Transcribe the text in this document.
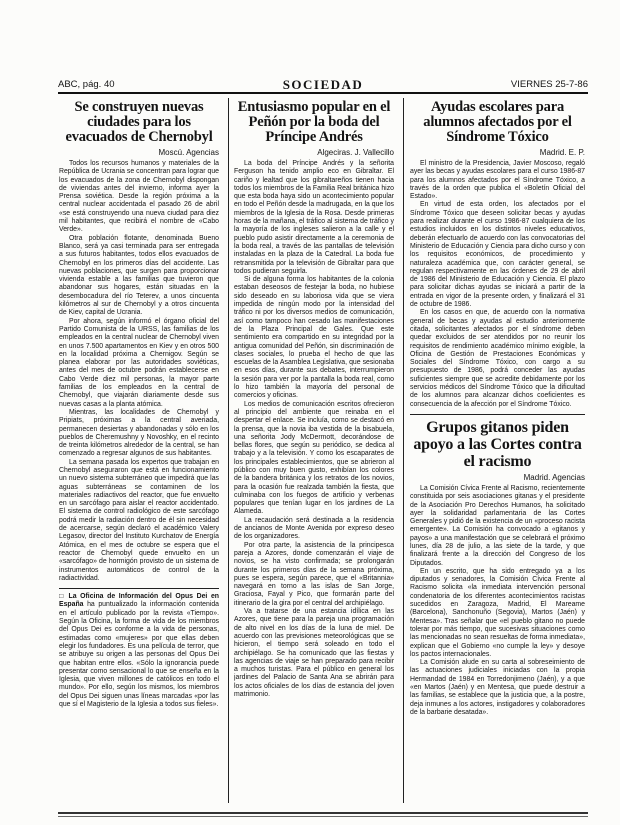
ABC, pág. 40	SOCIEDAD	VIERNES 25-7-86
Se construyen nuevas ciudades para los evacuados de Chernobyl
Moscú. Agencias

Todos los recursos humanos y materiales de la República de Ucrania se concentran para lograr que los evacuados de la zona de Chernobyl dispongan de viviendas antes del invierno, informa ayer la Prensa soviética. Desde la región próxima a la central nuclear accidentada el pasado 26 de abril «se está construyendo una nueva ciudad para diez mil habitantes, que recibirá el nombre de «Cabo Verde».

Otra población flotante, denominada Bueno Blanco, será ya casi terminada para ser entregada a sus futuros habitantes, todos ellos evacuados de Chernobyl en los primeros días del accidente. Las nuevas poblaciones, que surgen para proporcionar vivienda estable a las familias que tuvieron que abandonar sus hogares, están situadas en la desembocadura del río Teterev, a unos cincuenta kilómetros al sur de Chernobyl y a otros cincuenta de Kiev, capital de Ucrania.

Por ahora, según informó el órgano oficial del Partido Comunista de la URSS, las familias de los empleados en la central nuclear de Chernobyl viven en unos 7.500 apartamentos en Kiev y en otros 500 en la localidad próxima a Chernigov. Según se planea elaborar por las autoridades soviéticas, antes del mes de octubre podrán establecerse en Cabo Verde diez mil personas, la mayor parte familias de los empleados en la central de Chernobyl, que viajarán diariamente desde sus nuevas casas a la planta atómica.

Mientras, las localidades de Chernobyl y Pripiats, próximas a la central averiada, permanecen desiertas y abandonadas y sólo en los pueblos de Cheremushny y Novoshky, en el recinto de treinta kilómetros alrededor de la central, se han comenzado a regresar algunos de sus habitantes.

La semana pasada los expertos que trabajan en Chernobyl aseguraron que está en funcionamiento un nuevo sistema subterráneo que impedirá que las aguas subterráneas se contaminen de los materiales radiactivos del reactor, que fue envuelto en un sarcófago para aislar el reactor accidentado. El sistema de control radiológico de este sarcófago podrá medir la radiación dentro de él sin necesidad de acercarse, según declaró el académico Valery Legasov, director del Instituto Kurchatov de Energía Atómica, en el mes de octubre se espera que el reactor de Chernobyl quede envuelto en un «sarcófago» de hormigón provisto de un sistema de instrumentos automáticos de control de la radiactividad.

□ La Oficina de Información del Opus Dei en España ha puntualizado la información contenida en el artículo publicado por la revista «Tiempo». Según la Oficina, la forma de vida de los miembros del Opus Dei es conforme a la vida de personas, estimadas como «mujeres» por que ellas deben elegir los fundadores. Es una película de terror, que se atribuye su origen a las personas del Opus Dei que habitan entre ellos. «Sólo la ignorancia puede presentar como sensacional lo que se enseña en la Iglesia, que viven millones de católicos en todo el mundo». Por ello, según los mismos, los miembros del Opus Dei siguen unas líneas marcadas «por las que sí el Magisterio de la Iglesia a todos sus fieles».

Entusiasmo popular en el Peñón por la boda del Príncipe Andrés
Algeciras. J. Vallecillo

La boda del Príncipe Andrés y la señorita Ferguson ha tenido amplio eco en Gibraltar. El cariño y lealtad que los gibraltareños tienen hacia todos los miembros de la Familia Real británica hizo que esta boda haya sido un acontecimiento popular en todo el Peñón desde la madrugada, en la que los miembros de la Iglesia de la Rosa. Desde primeras horas de la mañana, el tráfico al sistema de tráfico y la mayoría de los ingleses salieron a la calle y el pueblo pudo asistir directamente a la ceremonia de la boda real, a través de las pantallas de televisión instaladas en la plaza de la Catedral. La boda fue retransmitida por la televisión de Gibraltar para que todos pudieran seguirla.

Si de alguna forma los habitantes de la colonia estaban deseosos de festejar la boda, no hubiese sido deseado en su laboriosa vida que se viera impedida de ningún modo por la intensidad del tráfico ni por los diversos medios de comunicación, así como tampoco han cesado las manifestaciones de la Plaza Principal de Gales. Que este sentimiento era compartido en su integridad por la antigua comunidad del Peñón, sin discriminación de clases sociales, lo prueba el hecho de que las escuelas de la Asamblea Legislativa, que sesionaba en esos días, durante sus debates, interrumpieron la sesión para ver por la pantalla la boda real, como lo hizo también la mayoría del personal de comercios y oficinas.

Los medios de comunicación escritos ofrecieron al principio del ambiente que reinaba en el despertar el enlace. Se incluía, como se destacó en la prensa, que la novia iba vestida de la bisabuela, una señorita Jody McDermott, decorándose de bellas flores, que según su periódico, se dedica al trabajo y a la televisión. Y como los escaparates de los principales establecimientos, que se abrieron al público con muy buen gusto, exhibían los colores de la bandera británica y los retratos de los novios, para la ocasión fue realzada también la fiesta, que culminaba con los fuegos de artificio y verbenas populares que tenían lugar en los jardines de La Alameda.

La recaudación será destinada a la residencia de ancianos de Monte Avenida por expreso deseo de los organizadores.

Por otra parte, la asistencia de la principesca pareja a Azores, donde comenzarán el viaje de novios, se ha visto confirmada; se prolongarán durante los primeros días de la semana próxima, pues se espera, según parece, que el «Britannia» navegará en torno a las islas de San Jorge, Graciosa, Fayal y Pico, que formarán parte del itinerario de la gira por el central del archipiélago.

Va a tratarse de una estancia idílica en las Azores, que tiene para la pareja una programación de alto nivel en los días de la luna de miel. De acuerdo con las previsiones meteorológicas que se hicieron, el tiempo será soleado en todo el archipiélago. Se ha comunicado que las fiestas y las agencias de viaje se han preparado para recibir a muchos turistas. Para el público en general los jardines del Palacio de Santa Ana se abrirán para los actos oficiales de los días de estancia del joven matrimonio.

Ayudas escolares para alumnos afectados por el Síndrome Tóxico
Madrid. E. P.

El ministro de la Presidencia, Javier Moscoso, regaló ayer las becas y ayudas escolares para el curso 1986-87 para los alumnos afectados por el Síndrome Tóxico, a través de la orden que publica el «Boletín Oficial del Estado».

En virtud de esta orden, los afectados por el Síndrome Tóxico que deseen solicitar becas y ayudas para realizar durante el curso 1986-87 cualquiera de los estudios incluidos en los distintos niveles educativos, deberán efectuarlo de acuerdo con las convocatorias del Ministerio de Educación y Ciencia para dicho curso y con los requisitos económicos, de procedimiento y naturaleza académica que, con carácter general, se regulan respectivamente en las órdenes de 29 de abril de 1986 del Ministerio de Educación y Ciencia. El plazo para solicitar dichas ayudas se iniciará a partir de la entrada en vigor de la presente orden, y finalizará el 31 de octubre de 1986.

En los casos en que, de acuerdo con la normativa general de becas y ayudas al estudio anteriormente citada, solicitantes afectados por el síndrome deben quedar excluidos de ser atendidos por no reunir los requisitos de rendimiento académico mínimo exigible, la Oficina de Gestión de Prestaciones Económicas y Sociales del Síndrome Tóxico, con cargo a su presupuesto de 1986, podrá conceder las ayudas suficientes siempre que se acredite debidamente por los servicios médicos del Síndrome Tóxico que la dificultad de los alumnos para alcanzar dichos coeficientes es consecuencia de la afección por el Síndrome Tóxico.

Grupos gitanos piden apoyo a las Cortes contra el racismo
Madrid. Agencias

La Comisión Cívica Frente al Racismo, recientemente constituida por seis asociaciones gitanas y el presidente de la Asociación Pro Derechos Humanos, ha solicitado ayer la solidaridad parlamentaria de las Cortes Generales y pidió de la existencia de un «proceso racista emergente». La Comisión ha convocado a «gitanos y payos» a una manifestación que se celebrará el próximo lunes, día 28 de julio, a las siete de la tarde, y que finalizará frente a la dirección del Congreso de los Diputados.

En un escrito, que ha sido entregado ya a los diputados y senadores, la Comisión Cívica Frente al Racismo solicita «la inmediata intervención personal condenatoria de los diferentes acontecimientos racistas sucedidos en Zaragoza, Madrid, El Mareame (Barcelona), Sanchonuño (Segovia), Martos (Jaén) y Mentesa». Tras señalar que «el pueblo gitano no puede tolerar por más tiempo, que sucesivas situaciones como las mencionadas no sean resueltas de forma inmediata», explican que el Gobierno «no cumple la ley» y desoye los pactos internacionales.

La Comisión alude en su carta al sobreseimiento de las actuaciones judiciales iniciadas con la propia Hermandad de 1984 en Torredonjimeno (Jaén), y a que «en Martos (Jaén) y en Mentesa, que puede destruir a las familias, se establece que la justicia que, a la postre, deja inmunes a los actores, instigadores y colaboradores de la barbarie desatada».
